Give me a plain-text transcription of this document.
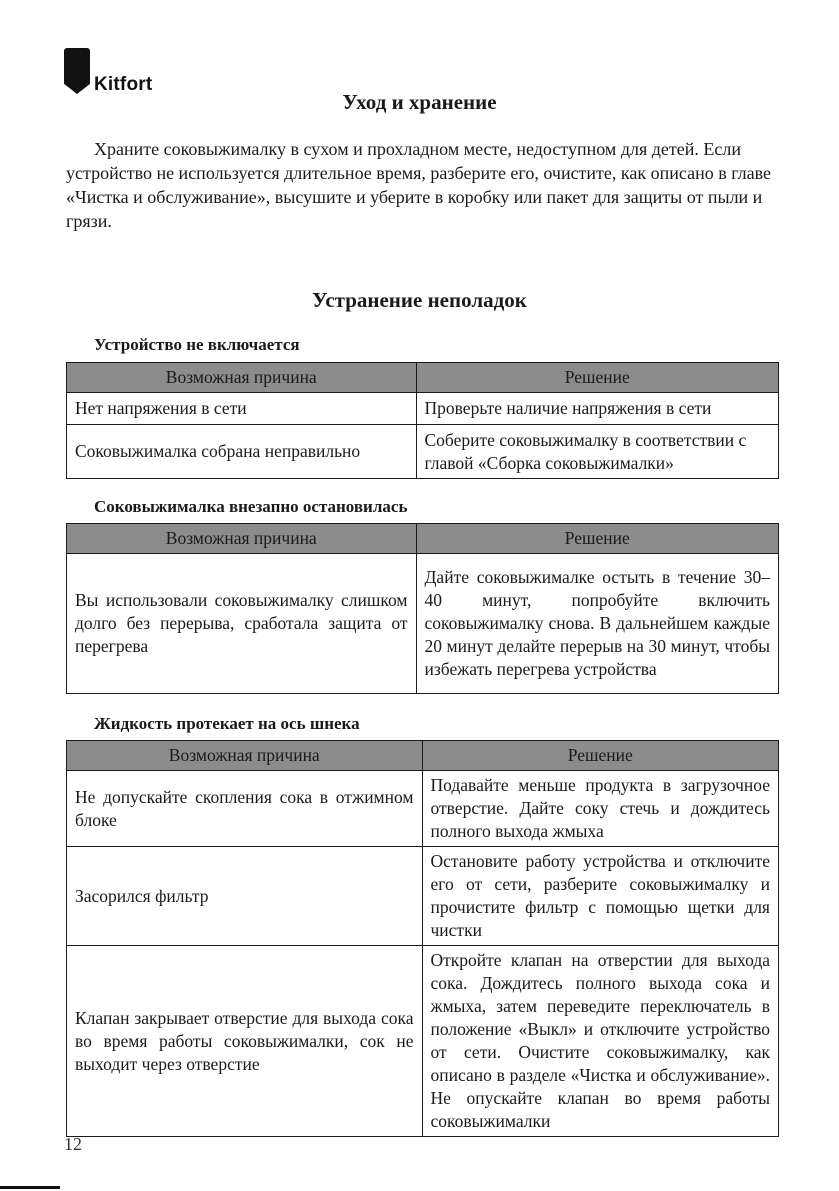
Kitfort
Уход и хранение

Храните соковыжималку в сухом и прохладном месте, недоступном для детей. Если устройство не используется длительное время, разберите его, очистите, как описано в главе «Чистка и обслуживание», высушите и уберите в коробку или пакет для защиты от пыли и грязи.

Устранение неполадок
Устройство не включается
Возможная причина	Решение
Нет напряжения в сети	Проверьте наличие напряжения в сети
Соковыжималка собрана неправильно	Соберите соковыжималку в соответствии с главой «Сборка соковыжималки»
Соковыжималка внезапно остановилась
Возможная причина	Решение
Вы использовали соковыжималку слишком долго без перерыва, сработала защита от перегрева	Дайте соковыжималке остыть в течение 30–40 минут, попробуйте включить соковыжималку снова. В дальнейшем каждые 20 минут делайте перерыв на 30 минут, чтобы избежать перегрева устройства
Жидкость протекает на ось шнека
Возможная причина	Решение
Не допускайте скопления сока в отжимном блоке	Подавайте меньше продукта в загрузочное отверстие. Дайте соку стечь и дождитесь полного выхода жмыха
Засорился фильтр	Остановите работу устройства и отключите его от сети, разберите соковыжималку и прочистите фильтр с помощью щетки для чистки
Клапан закрывает отверстие для выхода сока во время работы соковыжималки, сок не выходит через отверстие	Откройте клапан на отверстии для выхода сока. Дождитесь полного выхода сока и жмыха, затем переведите переключатель в положение «Выкл» и отключите устройство от сети. Очистите соковыжималку, как описано в разделе «Чистка и обслуживание». Не опускайте клапан во время работы соковыжималки
12
